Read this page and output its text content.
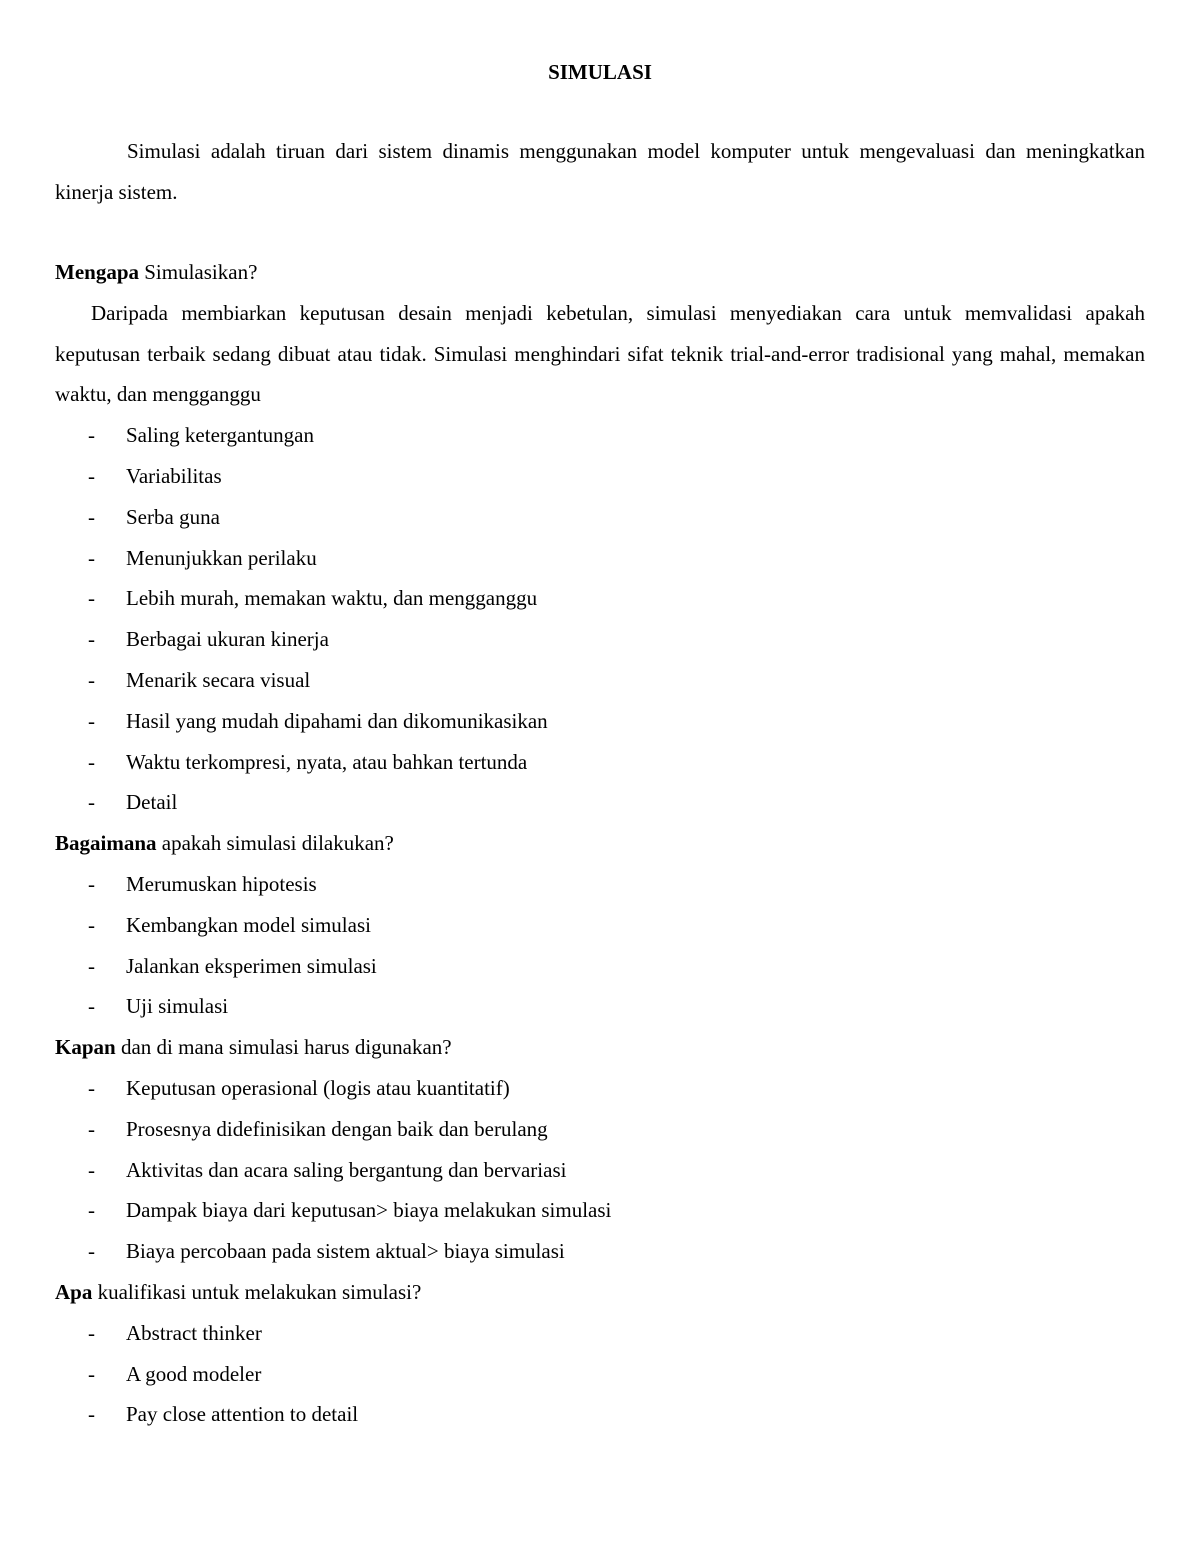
SIMULASI

Simulasi adalah tiruan dari sistem dinamis menggunakan model komputer untuk mengevaluasi dan meningkatkan kinerja sistem.

Mengapa Simulasikan?

Daripada membiarkan keputusan desain menjadi kebetulan, simulasi menyediakan cara untuk memvalidasi apakah keputusan terbaik sedang dibuat atau tidak. Simulasi menghindari sifat teknik trial-and-error tradisional yang mahal, memakan waktu, dan mengganggu

- Saling ketergantungan
- Variabilitas
- Serba guna
- Menunjukkan perilaku
- Lebih murah, memakan waktu, dan mengganggu
- Berbagai ukuran kinerja
- Menarik secara visual
- Hasil yang mudah dipahami dan dikomunikasikan
- Waktu terkompresi, nyata, atau bahkan tertunda
- Detail

Bagaimana apakah simulasi dilakukan?

- Merumuskan hipotesis
- Kembangkan model simulasi
- Jalankan eksperimen simulasi
- Uji simulasi

Kapan dan di mana simulasi harus digunakan?

- Keputusan operasional (logis atau kuantitatif)
- Prosesnya didefinisikan dengan baik dan berulang
- Aktivitas dan acara saling bergantung dan bervariasi
- Dampak biaya dari keputusan> biaya melakukan simulasi
- Biaya percobaan pada sistem aktual> biaya simulasi

Apa kualifikasi untuk melakukan simulasi?

- Abstract thinker
- A good modeler
- Pay close attention to detail
